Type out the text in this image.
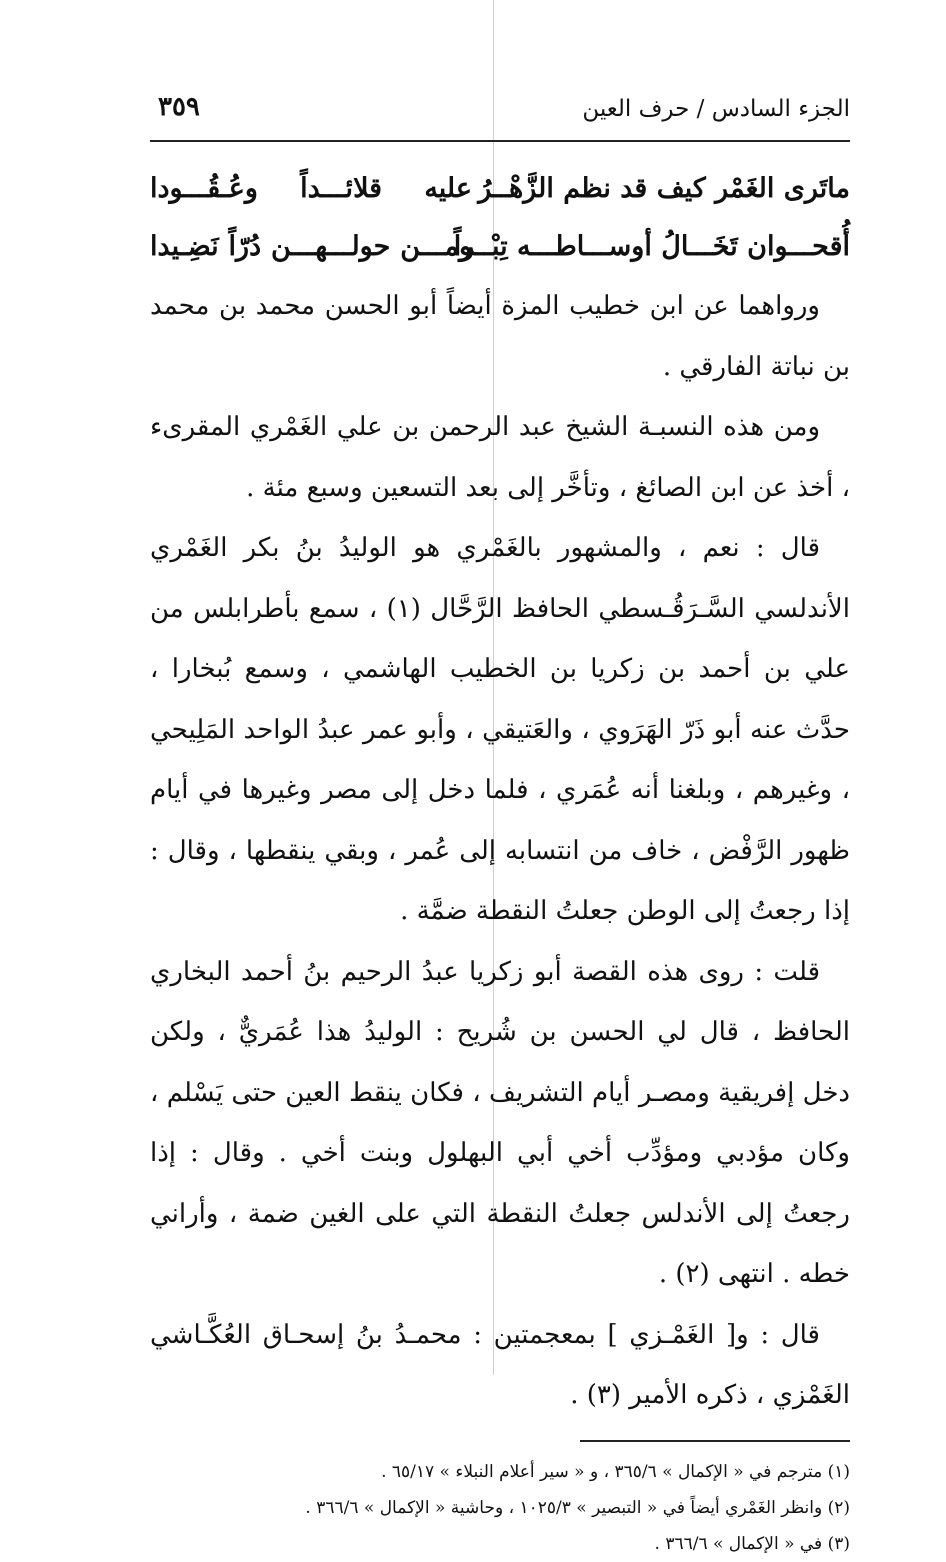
الجزء السادس / حرف العين
٣٥٩
ماتَرى الغَمْر كيف قد نظم الزَّهْــرُ
عليه قلائـــداً وعُـقُـــودا
أُقحـــوان تَخَـــالُ أوســـاطـــه تِبْــراً
ومـــن حولـــهـــن دُرّاً نَضِـيدا

ورواهما عن ابن خطيب المزة أيضاً أبو الحسن محمد بن محمد بن نباتة الفارقي .

ومن هذه النسبـة الشيخ عبد الرحمن بن علي الغَمْري المقرىء ، أخذ عن ابن الصائغ ، وتأخَّر إلى بعد التسعين وسبع مئة .

قال : نعم ، والمشهور بالغَمْري هو الوليدُ بنُ بكر الغَمْري الأندلسي السَّـرَقُـسطي الحافظ الرَّحَّال (١) ، سمع بأطرابلس من علي بن أحمد بن زكريا بن الخطيب الهاشمي ، وسمع بُبخارا ، حدَّث عنه أبو ذَرّ الهَرَوي ، والعَتيقي ، وأبو عمر عبدُ الواحد المَلِيحي ، وغيرهم ، وبلغنا أنه عُمَري ، فلما دخل إلى مصر وغيرها في أيام ظهور الرَّفْض ، خاف من انتسابه إلى عُمر ، وبقي ينقطها ، وقال : إذا رجعتُ إلى الوطن جعلتُ النقطة ضمَّة .

قلت : روى هذه القصة أبو زكريا عبدُ الرحيم بنُ أحمد البخاري الحافظ ، قال لي الحسن بن شُريح : الوليدُ هذا عُمَريٌّ ، ولكن دخل إفريقية ومصـر أيام التشريف ، فكان ينقط العين حتى يَسْلم ، وكان مؤدبي ومؤدِّب أخي أبي البهلول وبنت أخي . وقال : إذا رجعتُ إلى الأندلس جعلتُ النقطة التي على الغين ضمة ، وأراني خطه . انتهى (٢) .

قال : و[ الغَمْـزي ] بمعجمتين : محمـدُ بنُ إسحـاق العُكَّـاشي الغَمْزي ، ذكره الأمير (٣) .

(١) مترجم في « الإكمال » ٣٦٥/٦ ، و « سير أعلام النبلاء » ٦٥/١٧ .

(٢) وانظر الغَمْري أيضاً في « التبصير » ١٠٢٥/٣ ، وحاشية « الإكمال » ٣٦٦/٦ .

(٣) في « الإكمال » ٣٦٦/٦ .
